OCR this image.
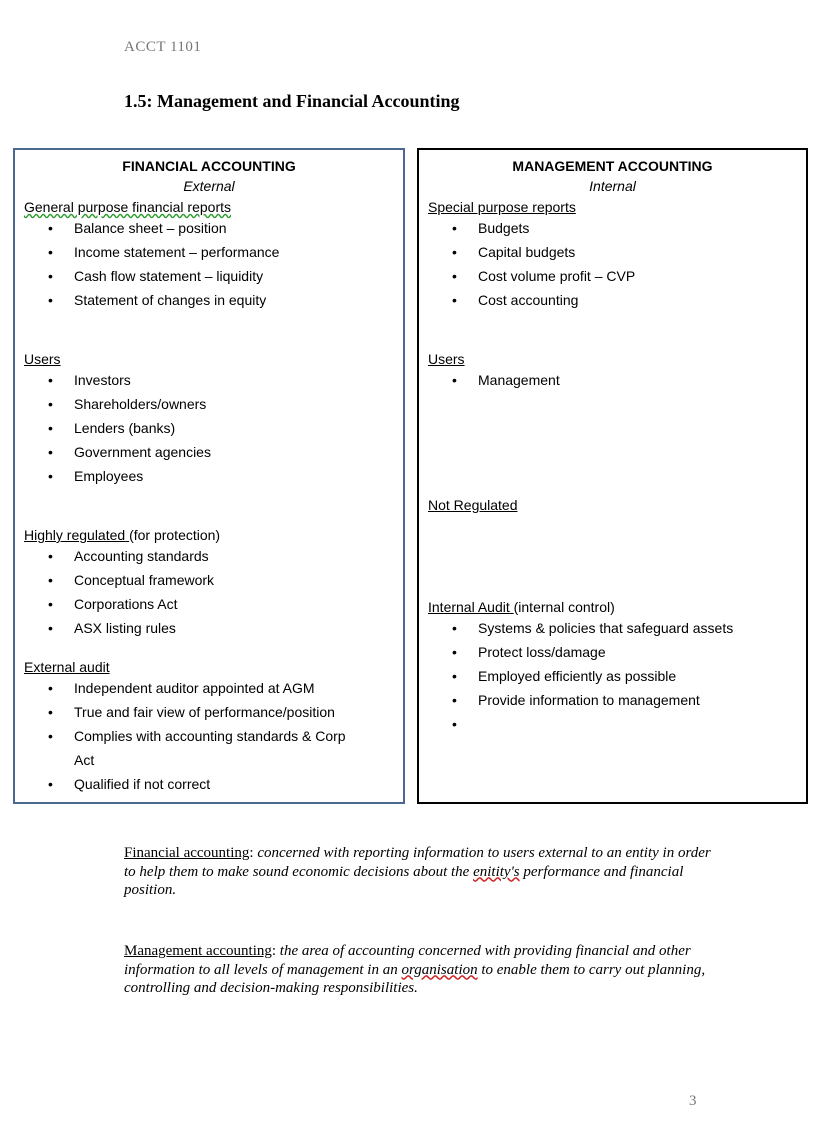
ACCT 1101
1.5: Management and Financial Accounting
FINANCIAL ACCOUNTING
External
General purpose financial reports
• Balance sheet – position
• Income statement – performance
• Cash flow statement – liquidity
• Statement of changes in equity
Users
• Investors
• Shareholders/owners
• Lenders (banks)
• Government agencies
• Employees
Highly regulated (for protection)
• Accounting standards
• Conceptual framework
• Corporations Act
• ASX listing rules
External audit
• Independent auditor appointed at AGM
• True and fair view of performance/position
• Complies with accounting standards & Corp
Act
• Qualified if not correct
MANAGEMENT ACCOUNTING
Internal
Special purpose reports
• Budgets
• Capital budgets
• Cost volume profit – CVP
• Cost accounting
Users
• Management
Not Regulated
Internal Audit (internal control)
• Systems & policies that safeguard assets
• Protect loss/damage
• Employed efficiently as possible
• Provide information to management
Financial accounting: concerned with reporting information to users external to an entity in order to help them to make sound economic decisions about the enitity's performance and financial position.
Management accounting: the area of accounting concerned with providing financial and other information to all levels of management in an organisation to enable them to carry out planning, controlling and decision-making responsibilities.
3
